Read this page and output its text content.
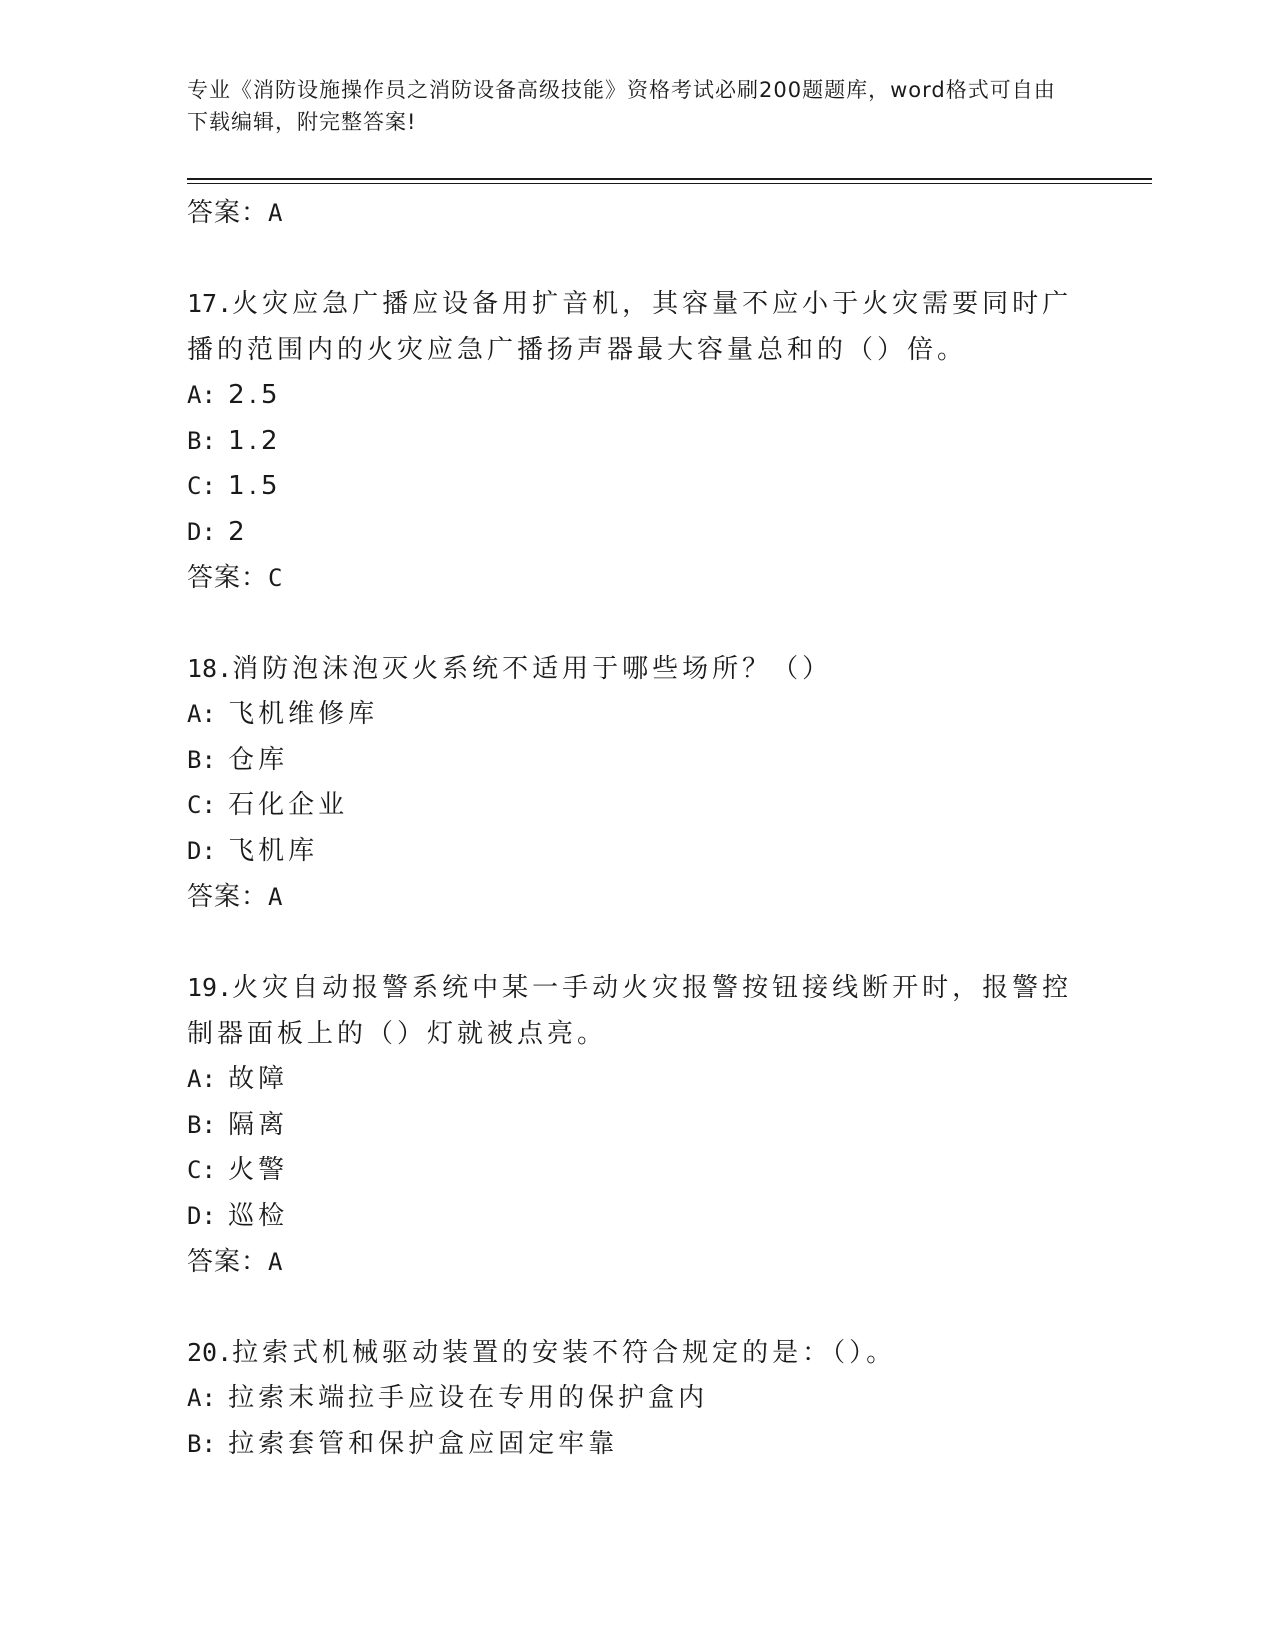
专业《消防设施操作员之消防设备高级技能》资格考试必刷200题题库，word格式可自由下载编辑，附完整答案!

答案：A

17.火灾应急广播应设备用扩音机，其容量不应小于火灾需要同时广播的范围内的火灾应急广播扬声器最大容量总和的（）倍。

A: 2.5

B: 1.2

C: 1.5

D: 2

答案：C

18.消防泡沫泡灭火系统不适用于哪些场所？（）

A: 飞机维修库

B: 仓库

C: 石化企业

D: 飞机库

答案：A

19.火灾自动报警系统中某一手动火灾报警按钮接线断开时，报警控制器面板上的（）灯就被点亮。

A: 故障

B: 隔离

C: 火警

D: 巡检

答案：A

20.拉索式机械驱动装置的安装不符合规定的是：（）。

A: 拉索末端拉手应设在专用的保护盒内

B: 拉索套管和保护盒应固定牢靠
